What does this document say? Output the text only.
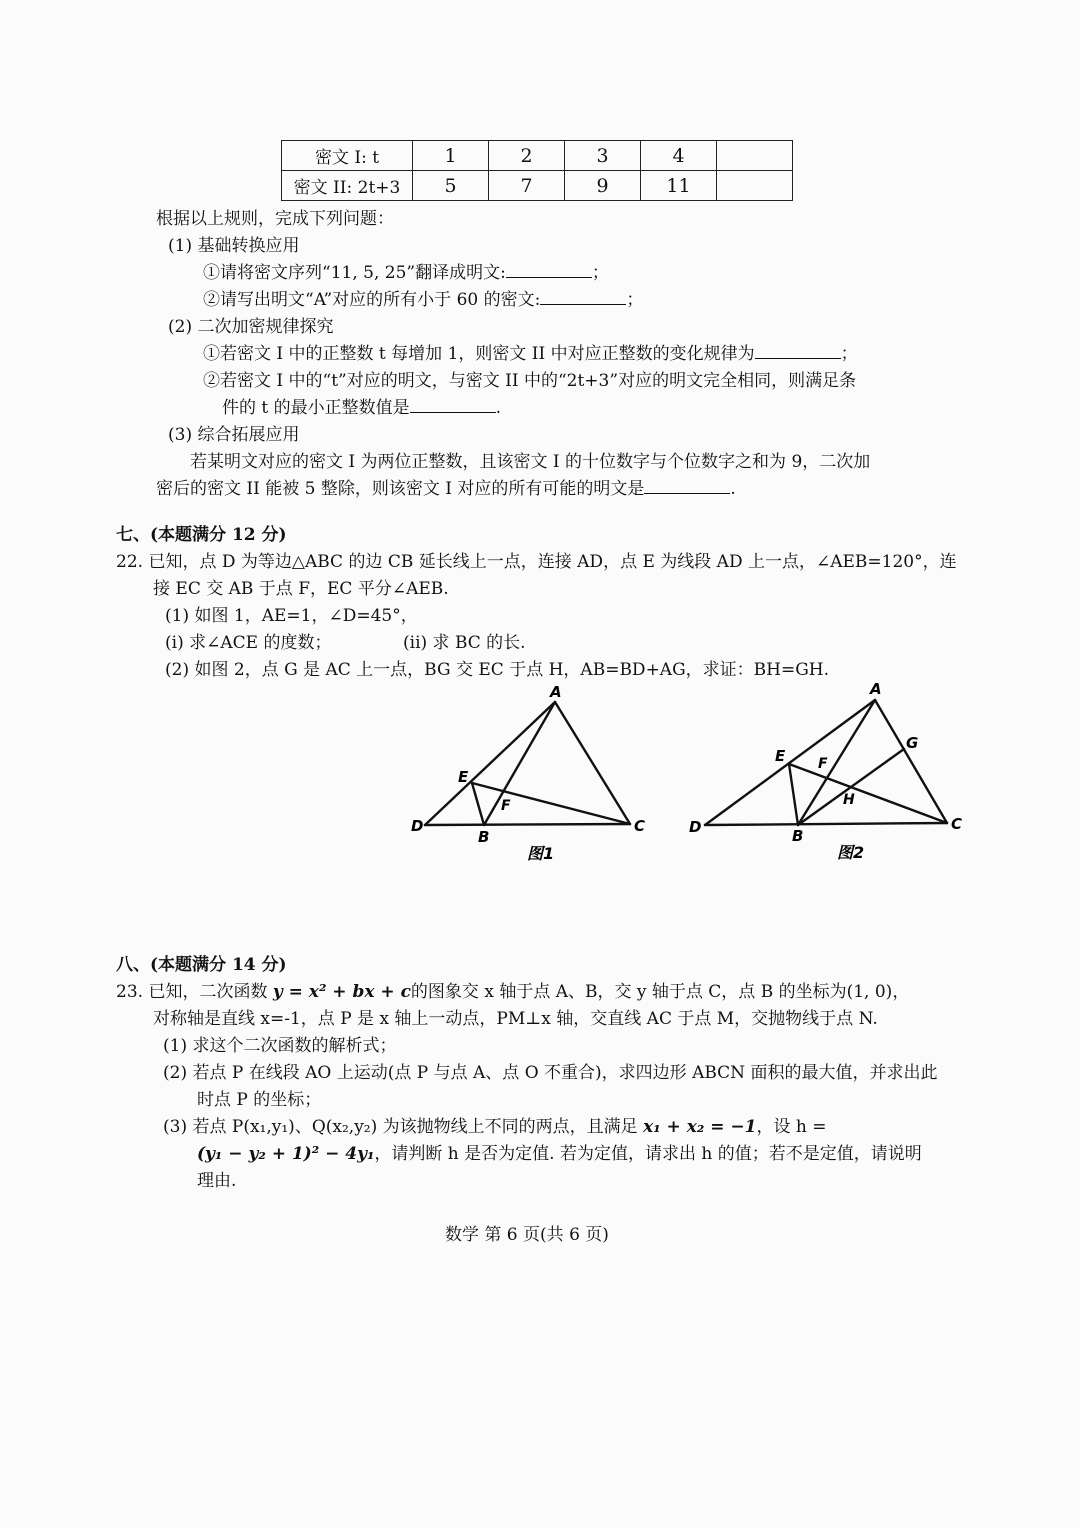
密文 I: t	1	2	3	4	
密文 II: 2t+3	5	7	9	11	
根据以上规则，完成下列问题：
(1) 基础转换应用
①请将密文序列“11, 5, 25”翻译成明文:	；
②请写出明文“A”对应的所有小于 60 的密文:	；
(2) 二次加密规律探究
①若密文 I 中的正整数 t 每增加 1，则密文 II 中对应正整数的变化规律为	；
②若密文 I 中的“t”对应的明文，与密文 II 中的“2t+3”对应的明文完全相同，则满足条
件的 t 的最小正整数值是	.
(3) 综合拓展应用
若某明文对应的密文 I 为两位正整数，且该密文 I 的十位数字与个位数字之和为 9，二次加
密后的密文 II 能被 5 整除，则该密文 I 对应的所有可能的明文是	.
七、(本题满分 12 分)
22. 已知，点 D 为等边△ABC 的边 CB 延长线上一点，连接 AD，点 E 为线段 AD 上一点，∠AEB=120°，连
接 EC 交 AB 于点 F，EC 平分∠AEB.
(1) 如图 1，AE=1，∠D=45°，
(i) 求∠ACE 的度数；	(ii) 求 BC 的长.
(2) 如图 2，点 G 是 AC 上一点，BG 交 EC 于点 H，AB=BD+AG，求证：BH=GH.
A
D
B
C
E
F
图1
A
D	B
C
E F
G
H
图2
八、(本题满分 14 分)
23. 已知，二次函数 y = x² + bx + c的图象交 x 轴于点 A、B，交 y 轴于点 C，点 B 的坐标为(1, 0)，
对称轴是直线 x=-1，点 P 是 x 轴上一动点，PM⊥x 轴，交直线 AC 于点 M，交抛物线于点 N.
(1) 求这个二次函数的解析式；
(2) 若点 P 在线段 AO 上运动(点 P 与点 A、点 O 不重合)，求四边形 ABCN 面积的最大值，并求出此
时点 P 的坐标；
(3) 若点 P(x₁,y₁)、Q(x₂,y₂) 为该抛物线上不同的两点，且满足 x₁ + x₂ = −1，设 h =
(y₁ − y₂ + 1)² − 4y₁，请判断 h 是否为定值. 若为定值，请求出 h 的值；若不是定值，请说明
理由.
数学 第 6 页(共 6 页)
